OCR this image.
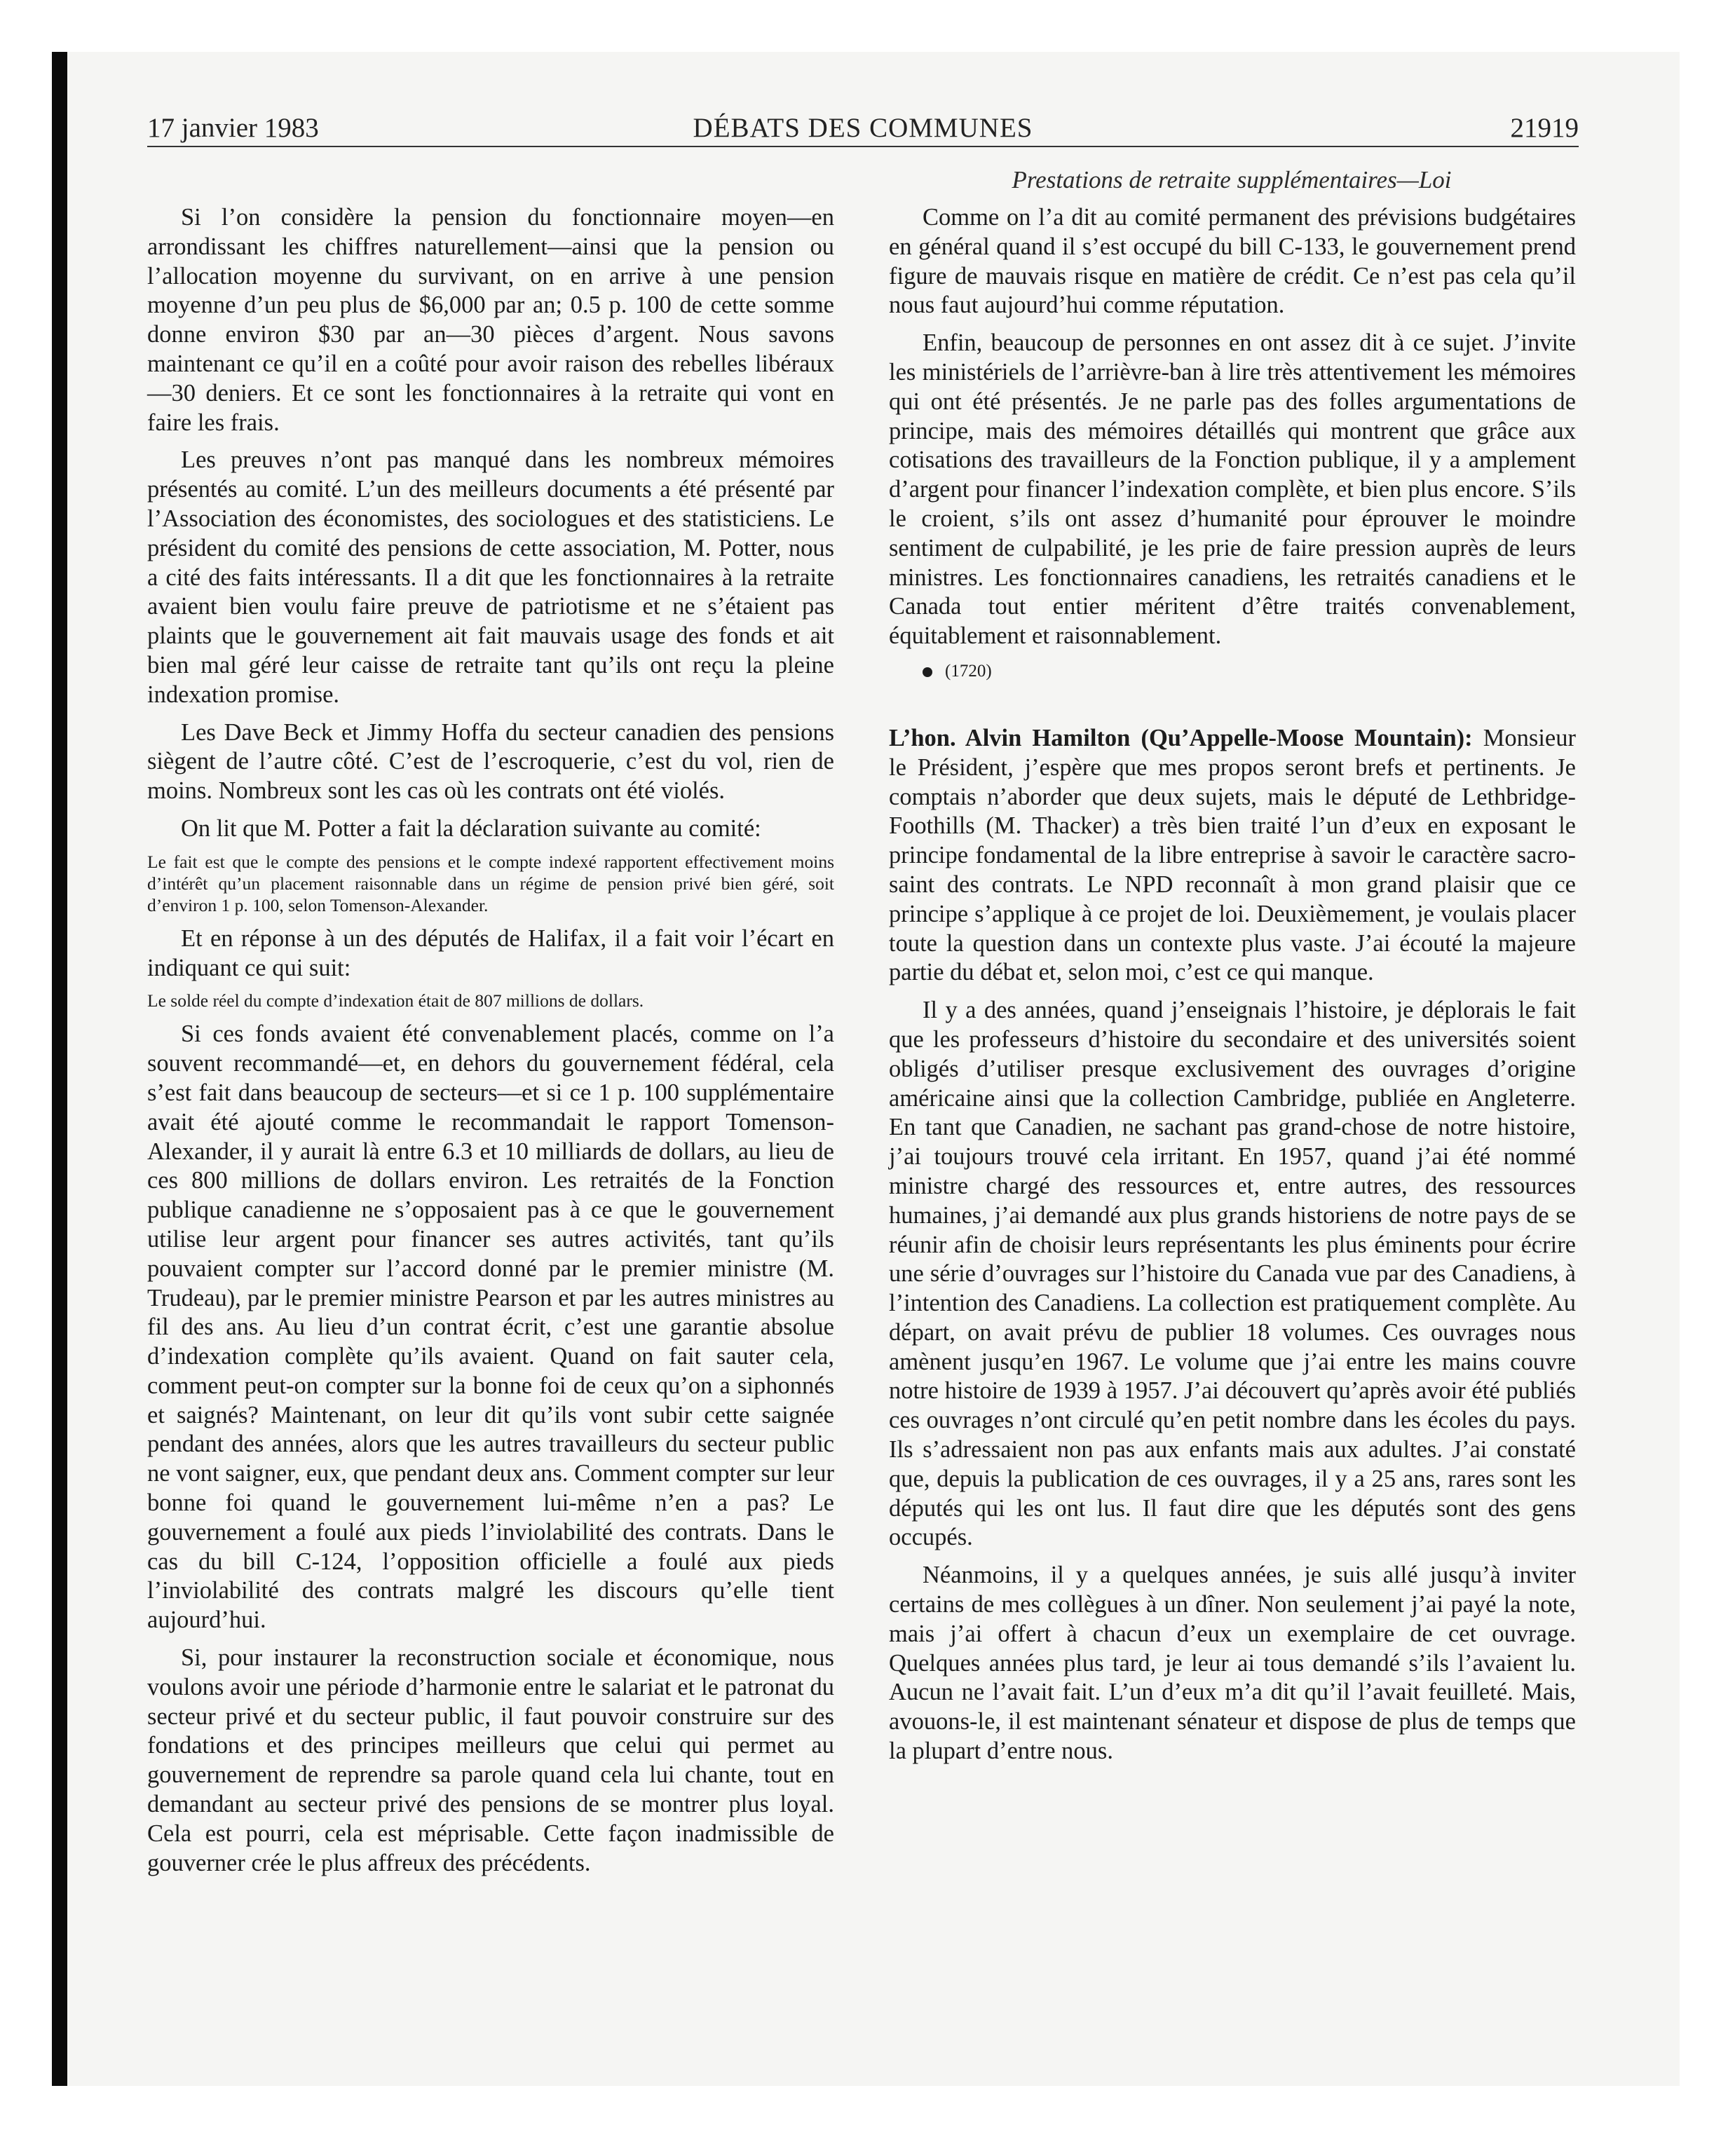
17 janvier 1983	DÉBATS DES COMMUNES	21919
Prestations de retraite supplémentaires—Loi

Si l’on considère la pension du fonctionnaire moyen—en arrondissant les chiffres naturellement—ainsi que la pension ou l’allocation moyenne du survivant, on en arrive à une pension moyenne d’un peu plus de $6,000 par an; 0.5 p. 100 de cette somme donne environ $30 par an—30 pièces d’argent. Nous savons maintenant ce qu’il en a coûté pour avoir raison des rebelles libéraux—30 deniers. Et ce sont les fonctionnaires à la retraite qui vont en faire les frais.

Les preuves n’ont pas manqué dans les nombreux mémoires présentés au comité. L’un des meilleurs documents a été présenté par l’Association des économistes, des sociologues et des statisticiens. Le président du comité des pensions de cette association, M. Potter, nous a cité des faits intéressants. Il a dit que les fonctionnaires à la retraite avaient bien voulu faire preuve de patriotisme et ne s’étaient pas plaints que le gouvernement ait fait mauvais usage des fonds et ait bien mal géré leur caisse de retraite tant qu’ils ont reçu la pleine indexation promise.

Les Dave Beck et Jimmy Hoffa du secteur canadien des pensions siègent de l’autre côté. C’est de l’escroquerie, c’est du vol, rien de moins. Nombreux sont les cas où les contrats ont été violés.

On lit que M. Potter a fait la déclaration suivante au comité:

Le fait est que le compte des pensions et le compte indexé rapportent effectivement moins d’intérêt qu’un placement raisonnable dans un régime de pension privé bien géré, soit d’environ 1 p. 100, selon Tomenson-Alexander.

Et en réponse à un des députés de Halifax, il a fait voir l’écart en indiquant ce qui suit:

Le solde réel du compte d’indexation était de 807 millions de dollars.

Si ces fonds avaient été convenablement placés, comme on l’a souvent recommandé—et, en dehors du gouvernement fédéral, cela s’est fait dans beaucoup de secteurs—et si ce 1 p. 100 supplémentaire avait été ajouté comme le recommandait le rapport Tomenson-Alexander, il y aurait là entre 6.3 et 10 milliards de dollars, au lieu de ces 800 millions de dollars environ. Les retraités de la Fonction publique canadienne ne s’opposaient pas à ce que le gouvernement utilise leur argent pour financer ses autres activités, tant qu’ils pouvaient compter sur l’accord donné par le premier ministre (M. Trudeau), par le premier ministre Pearson et par les autres ministres au fil des ans. Au lieu d’un contrat écrit, c’est une garantie absolue d’indexation complète qu’ils avaient. Quand on fait sauter cela, comment peut-on compter sur la bonne foi de ceux qu’on a siphonnés et saignés? Maintenant, on leur dit qu’ils vont subir cette saignée pendant des années, alors que les autres travailleurs du secteur public ne vont saigner, eux, que pendant deux ans. Comment compter sur leur bonne foi quand le gouvernement lui-même n’en a pas? Le gouvernement a foulé aux pieds l’inviolabilité des contrats. Dans le cas du bill C-124, l’opposition officielle a foulé aux pieds l’inviolabilité des contrats malgré les discours qu’elle tient aujourd’hui.

Si, pour instaurer la reconstruction sociale et économique, nous voulons avoir une période d’harmonie entre le salariat et le patronat du secteur privé et du secteur public, il faut pouvoir construire sur des fondations et des principes meilleurs que celui qui permet au gouvernement de reprendre sa parole quand cela lui chante, tout en demandant au secteur privé des pensions de se montrer plus loyal. Cela est pourri, cela est méprisable. Cette façon inadmissible de gouverner crée le plus affreux des précédents.

Comme on l’a dit au comité permanent des prévisions budgétaires en général quand il s’est occupé du bill C-133, le gouvernement prend figure de mauvais risque en matière de crédit. Ce n’est pas cela qu’il nous faut aujourd’hui comme réputation.

Enfin, beaucoup de personnes en ont assez dit à ce sujet. J’invite les ministériels de l’arrièvre-ban à lire très attentivement les mémoires qui ont été présentés. Je ne parle pas des folles argumentations de principe, mais des mémoires détaillés qui montrent que grâce aux cotisations des travailleurs de la Fonction publique, il y a amplement d’argent pour financer l’indexation complète, et bien plus encore. S’ils le croient, s’ils ont assez d’humanité pour éprouver le moindre sentiment de culpabilité, je les prie de faire pression auprès de leurs ministres. Les fonctionnaires canadiens, les retraités canadiens et le Canada tout entier méritent d’être traités convenablement, équitablement et raisonnablement.

(1720)

L’hon. Alvin Hamilton (Qu’Appelle-Moose Mountain): Monsieur le Président, j’espère que mes propos seront brefs et pertinents. Je comptais n’aborder que deux sujets, mais le député de Lethbridge-Foothills (M. Thacker) a très bien traité l’un d’eux en exposant le principe fondamental de la libre entreprise à savoir le caractère sacro-saint des contrats. Le NPD reconnaît à mon grand plaisir que ce principe s’applique à ce projet de loi. Deuxièmement, je voulais placer toute la question dans un contexte plus vaste. J’ai écouté la majeure partie du débat et, selon moi, c’est ce qui manque.

Il y a des années, quand j’enseignais l’histoire, je déplorais le fait que les professeurs d’histoire du secondaire et des universités soient obligés d’utiliser presque exclusivement des ouvrages d’origine américaine ainsi que la collection Cambridge, publiée en Angleterre. En tant que Canadien, ne sachant pas grand-chose de notre histoire, j’ai toujours trouvé cela irritant. En 1957, quand j’ai été nommé ministre chargé des ressources et, entre autres, des ressources humaines, j’ai demandé aux plus grands historiens de notre pays de se réunir afin de choisir leurs représentants les plus éminents pour écrire une série d’ouvrages sur l’histoire du Canada vue par des Canadiens, à l’intention des Canadiens. La collection est pratiquement complète. Au départ, on avait prévu de publier 18 volumes. Ces ouvrages nous amènent jusqu’en 1967. Le volume que j’ai entre les mains couvre notre histoire de 1939 à 1957. J’ai découvert qu’après avoir été publiés ces ouvrages n’ont circulé qu’en petit nombre dans les écoles du pays. Ils s’adressaient non pas aux enfants mais aux adultes. J’ai constaté que, depuis la publication de ces ouvrages, il y a 25 ans, rares sont les députés qui les ont lus. Il faut dire que les députés sont des gens occupés.

Néanmoins, il y a quelques années, je suis allé jusqu’à inviter certains de mes collègues à un dîner. Non seulement j’ai payé la note, mais j’ai offert à chacun d’eux un exemplaire de cet ouvrage. Quelques années plus tard, je leur ai tous demandé s’ils l’avaient lu. Aucun ne l’avait fait. L’un d’eux m’a dit qu’il l’avait feuilleté. Mais, avouons-le, il est maintenant sénateur et dispose de plus de temps que la plupart d’entre nous.
